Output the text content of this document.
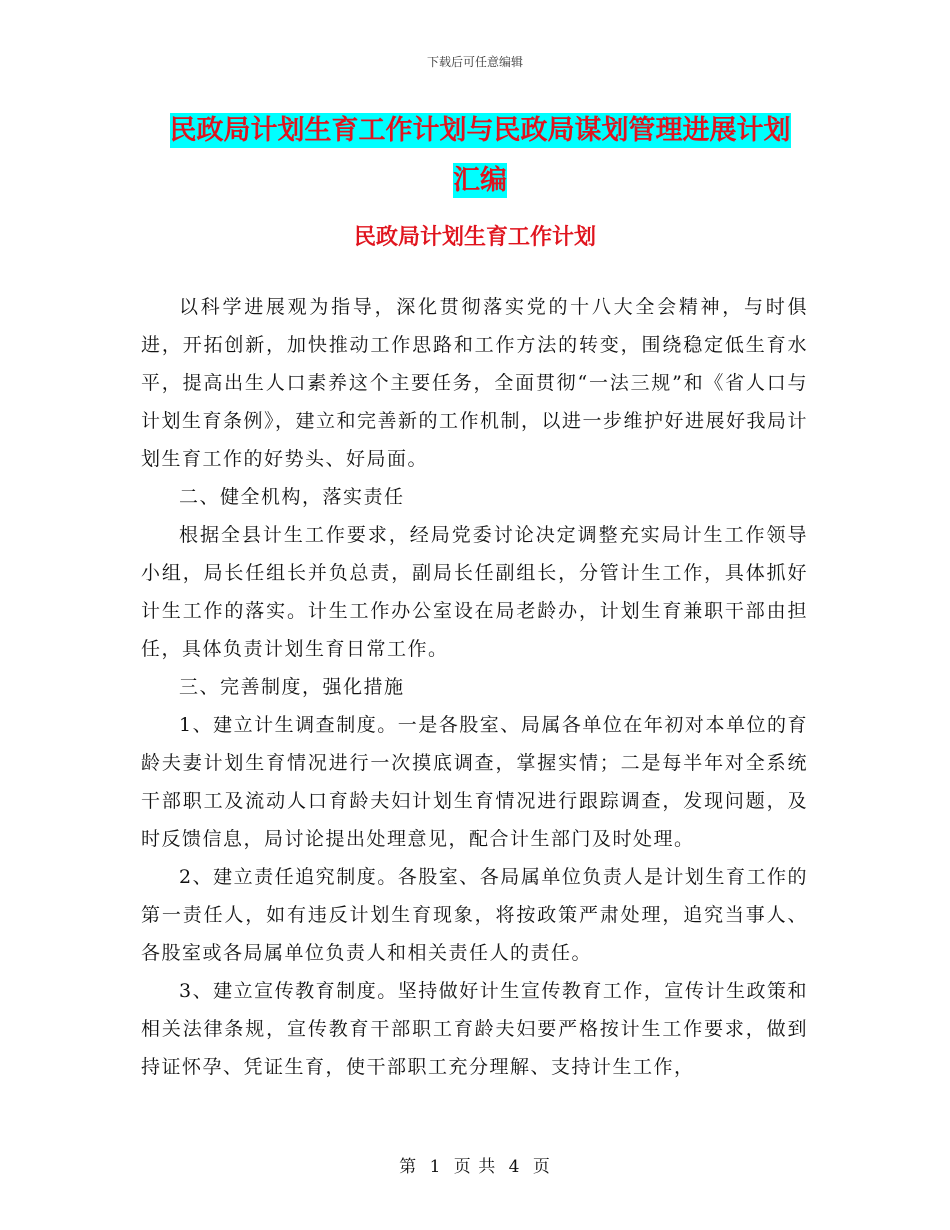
下载后可任意编辑
民政局计划生育工作计划与民政局谋划管理进展计划
汇编
民政局计划生育工作计划

以科学进展观为指导，深化贯彻落实党的十八大全会精神，与时俱进，开拓创新，加快推动工作思路和工作方法的转变，围绕稳定低生育水平，提高出生人口素养这个主要任务，全面贯彻“一法三规”和《省人口与计划生育条例》，建立和完善新的工作机制，以进一步维护好进展好我局计划生育工作的好势头、好局面。

二、健全机构，落实责任

根据全县计生工作要求，经局党委讨论决定调整充实局计生工作领导小组，局长任组长并负总责，副局长任副组长，分管计生工作，具体抓好计生工作的落实。计生工作办公室设在局老龄办，计划生育兼职干部由担任，具体负责计划生育日常工作。

三、完善制度，强化措施

1、建立计生调查制度。一是各股室、局属各单位在年初对本单位的育龄夫妻计划生育情况进行一次摸底调查，掌握实情；二是每半年对全系统干部职工及流动人口育龄夫妇计划生育情况进行跟踪调查，发现问题，及时反馈信息，局讨论提出处理意见，配合计生部门及时处理。

2、建立责任追究制度。各股室、各局属单位负责人是计划生育工作的第一责任人，如有违反计划生育现象，将按政策严肃处理，追究当事人、各股室或各局属单位负责人和相关责任人的责任。

3、建立宣传教育制度。坚持做好计生宣传教育工作，宣传计生政策和相关法律条规，宣传教育干部职工育龄夫妇要严格按计生工作要求，做到持证怀孕、凭证生育，使干部职工充分理解、支持计生工作，

第 1 页 共 4 页
